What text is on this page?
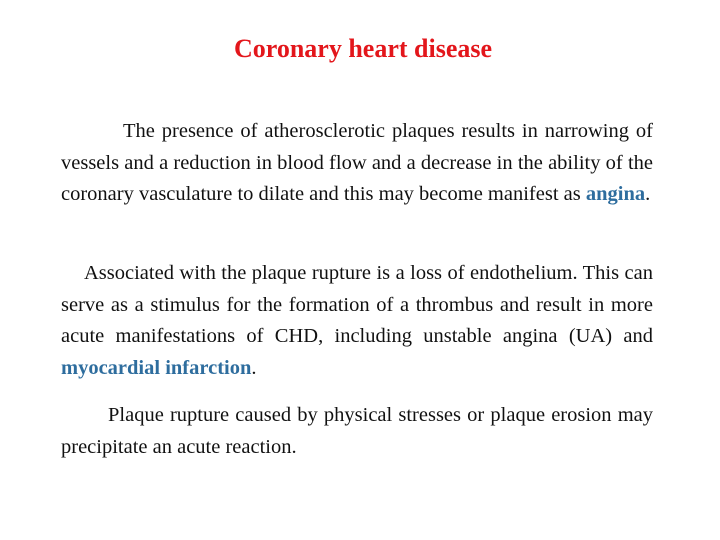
Coronary heart disease

The presence of atherosclerotic plaques results in narrowing of vessels and a reduction in blood flow and a decrease in the ability of the coronary vasculature to dilate and this may become manifest as angina.

Associated with the plaque rupture is a loss of endothelium. This can serve as a stimulus for the formation of a thrombus and result in more acute manifestations of CHD, including unstable angina (UA) and myocardial infarction.

Plaque rupture caused by physical stresses or plaque erosion may precipitate an acute reaction.
